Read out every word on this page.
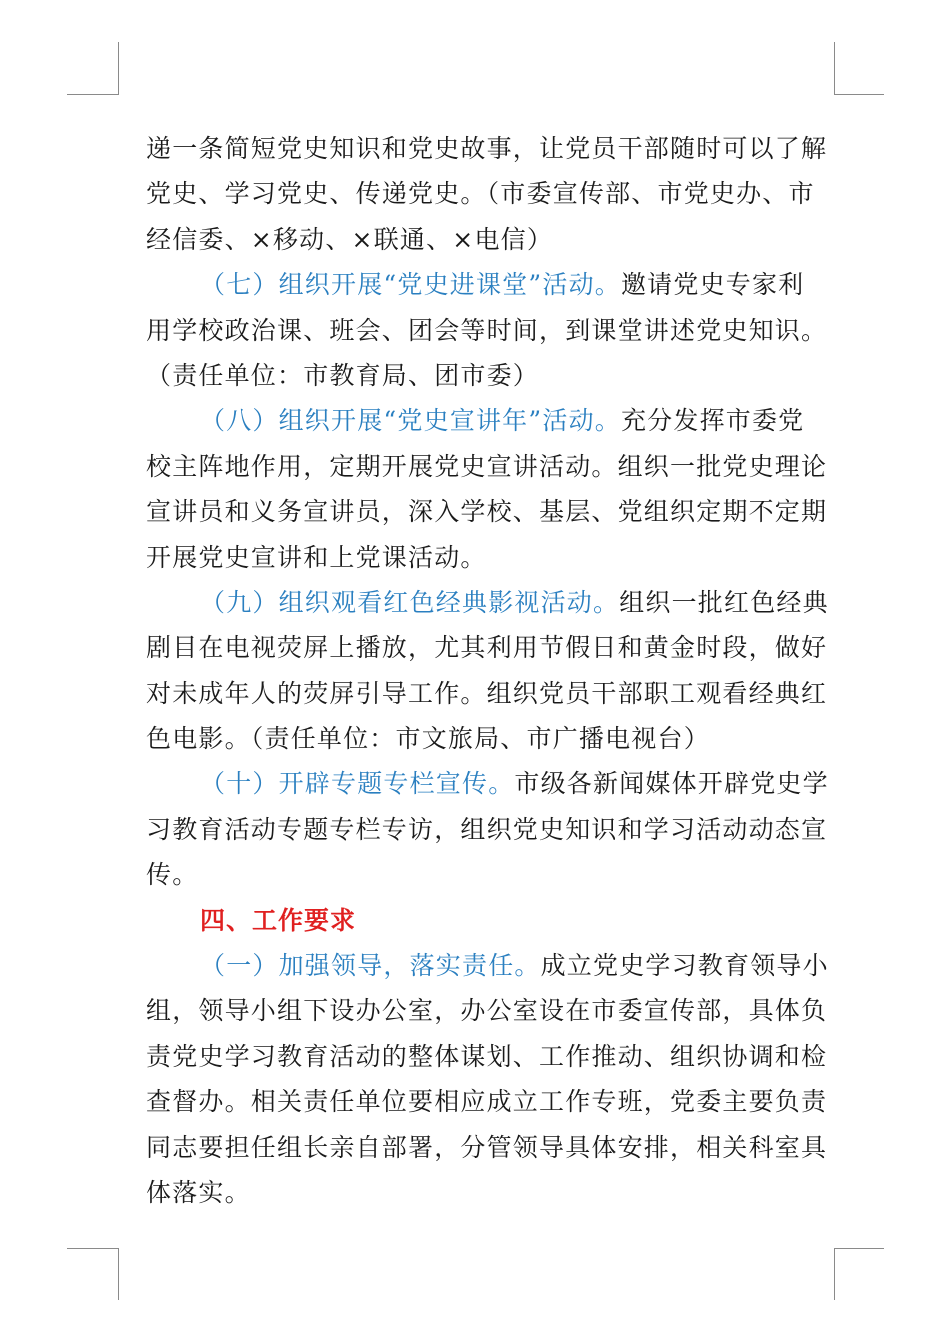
递一条简短党史知识和党史故事，让党员干部随时可以了解
党史、学习党史、传递党史。（市委宣传部、市党史办、市
经信委、×移动、×联通、×电信）
（七）组织开展“党史进课堂”活动。邀请党史专家利
用学校政治课、班会、团会等时间，到课堂讲述党史知识。
（责任单位：市教育局、团市委）
（八）组织开展“党史宣讲年”活动。充分发挥市委党
校主阵地作用，定期开展党史宣讲活动。组织一批党史理论
宣讲员和义务宣讲员，深入学校、基层、党组织定期不定期
开展党史宣讲和上党课活动。
（九）组织观看红色经典影视活动。组织一批红色经典
剧目在电视荧屏上播放，尤其利用节假日和黄金时段，做好
对未成年人的荧屏引导工作。组织党员干部职工观看经典红
色电影。（责任单位：市文旅局、市广播电视台）
（十）开辟专题专栏宣传。市级各新闻媒体开辟党史学
习教育活动专题专栏专访，组织党史知识和学习活动动态宣
传。
四、工作要求
（一）加强领导，落实责任。成立党史学习教育领导小
组，领导小组下设办公室，办公室设在市委宣传部，具体负
责党史学习教育活动的整体谋划、工作推动、组织协调和检
查督办。相关责任单位要相应成立工作专班，党委主要负责
同志要担任组长亲自部署，分管领导具体安排，相关科室具
体落实。
